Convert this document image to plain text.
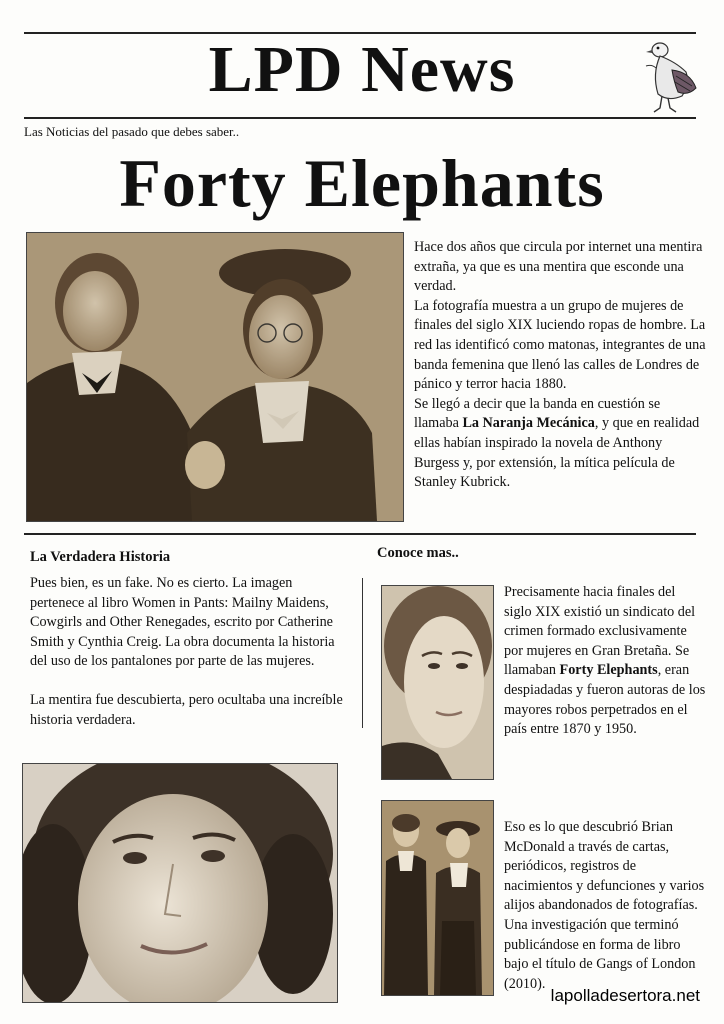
LPD News
Las Noticias del pasado que debes saber..
Forty Elephants

Hace dos años que circula por internet una mentira extraña, ya que es una mentira que esconde una verdad.

La fotografía muestra a un grupo de mujeres de finales del siglo XIX luciendo ropas de hombre. La red las identificó como matonas, integrantes de una banda femenina que llenó las calles de Londres de pánico y terror hacia 1880.

Se llegó a decir que la banda en cuestión se llamaba La Naranja Mecánica, y que en realidad ellas habían inspirado la novela de Anthony Burgess y, por extensión, la mítica película de Stanley Kubrick.

La Verdadera Historia

Pues bien, es un fake. No es cierto. La imagen pertenece al libro Women in Pants: Mailny Maidens, Cowgirls and Other Renegades, escrito por Catherine Smith y Cynthia Creig. La obra documenta la historia del uso de los pantalones por parte de las mujeres.

La mentira fue descubierta, pero ocultaba una increíble historia verdadera.

Conoce mas..

Precisamente hacia finales del siglo XIX existió un sindicato del crimen formado exclusivamente por mujeres en Gran Bretaña. Se llamaban Forty Elephants, eran despiadadas y fueron autoras de los mayores robos perpetrados en el país entre 1870 y 1950.

Eso es lo que descubrió Brian McDonald a través de cartas, periódicos, registros de nacimientos y defunciones y varios alijos abandonados de fotografías. Una investigación que terminó publicándose en forma de libro bajo el título de Gangs of London (2010).
lapolladesertora.net
